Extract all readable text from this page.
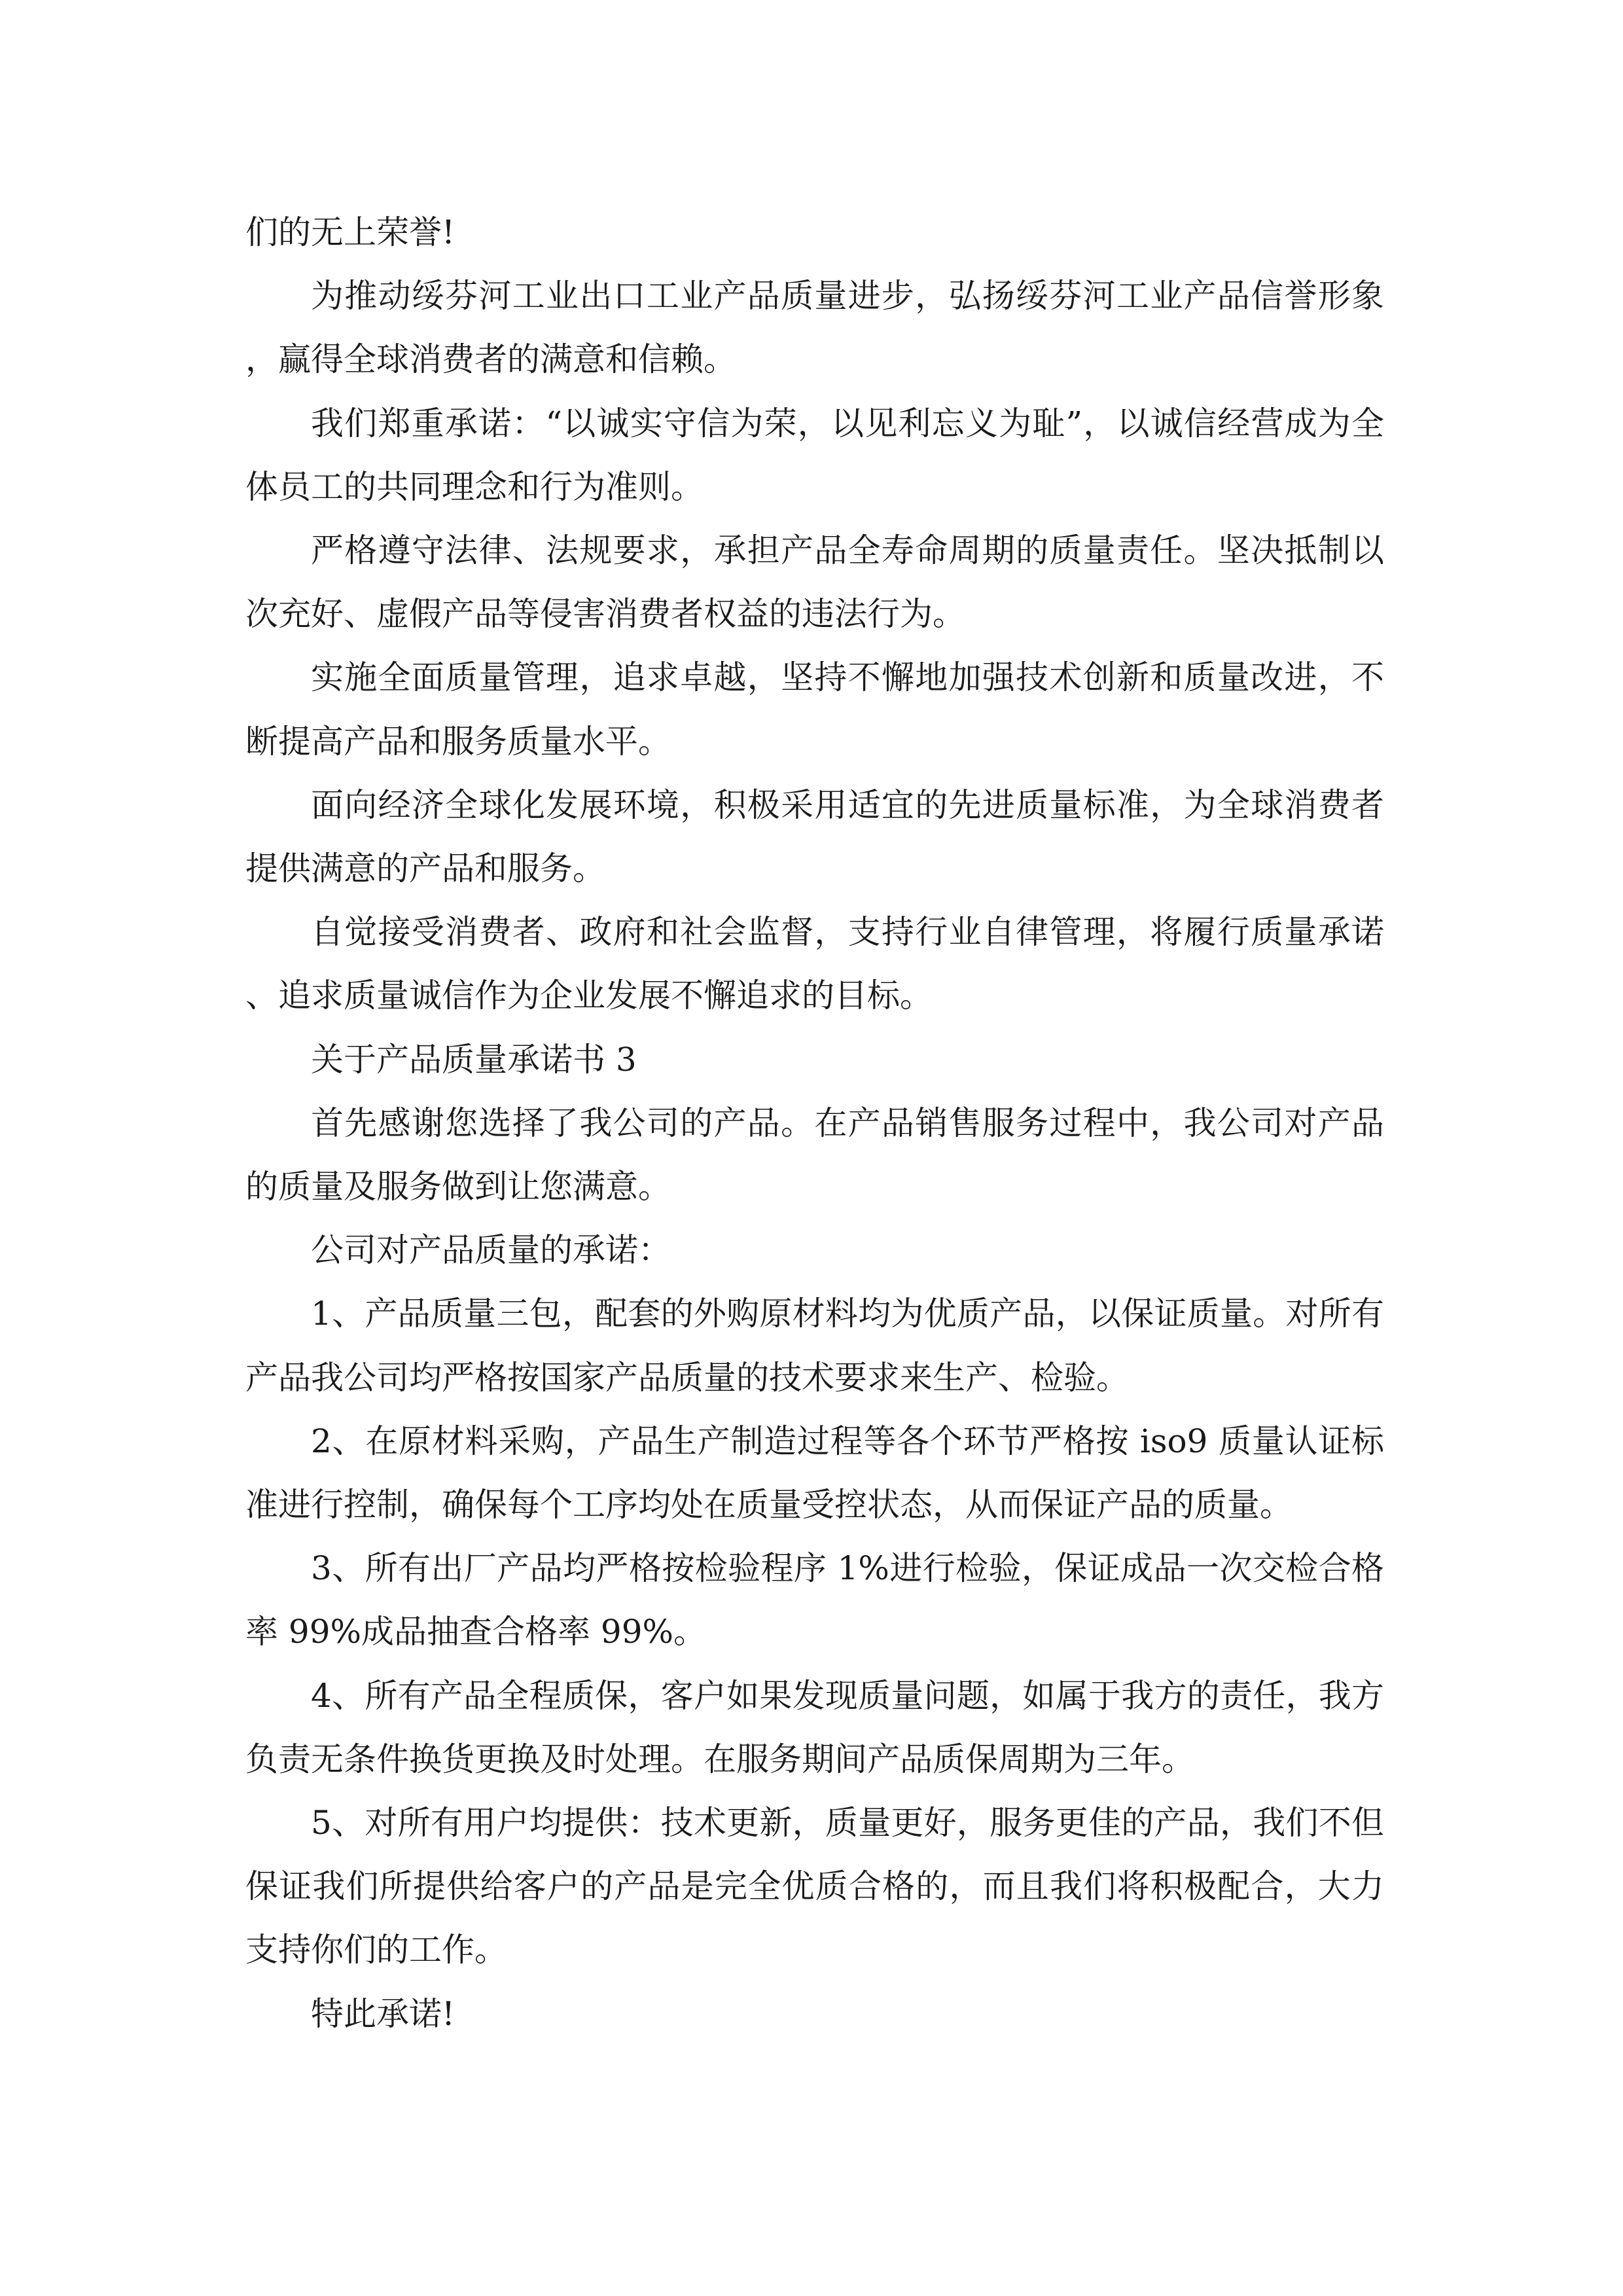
们的无上荣誉!

为推动绥芬河工业出口工业产品质量进步，弘扬绥芬河工业产品信誉形象，赢得全球消费者的满意和信赖。

我们郑重承诺：“以诚实守信为荣，以见利忘义为耻”，以诚信经营成为全体员工的共同理念和行为准则。

严格遵守法律、法规要求，承担产品全寿命周期的质量责任。坚决抵制以次充好、虚假产品等侵害消费者权益的违法行为。

实施全面质量管理，追求卓越，坚持不懈地加强技术创新和质量改进，不断提高产品和服务质量水平。

面向经济全球化发展环境，积极采用适宜的先进质量标准，为全球消费者提供满意的产品和服务。

自觉接受消费者、政府和社会监督，支持行业自律管理，将履行质量承诺、追求质量诚信作为企业发展不懈追求的目标。

关于产品质量承诺书 3

首先感谢您选择了我公司的产品。在产品销售服务过程中，我公司对产品的质量及服务做到让您满意。

公司对产品质量的承诺：

1、产品质量三包，配套的外购原材料均为优质产品，以保证质量。对所有产品我公司均严格按国家产品质量的技术要求来生产、检验。

2、在原材料采购，产品生产制造过程等各个环节严格按 iso9 质量认证标准进行控制，确保每个工序均处在质量受控状态，从而保证产品的质量。

3、所有出厂产品均严格按检验程序 1%进行检验，保证成品一次交检合格率 99%成品抽查合格率 99%。

4、所有产品全程质保，客户如果发现质量问题，如属于我方的责任，我方负责无条件换货更换及时处理。在服务期间产品质保周期为三年。

5、对所有用户均提供：技术更新，质量更好，服务更佳的产品，我们不但保证我们所提供给客户的产品是完全优质合格的，而且我们将积极配合，大力支持你们的工作。

特此承诺!
